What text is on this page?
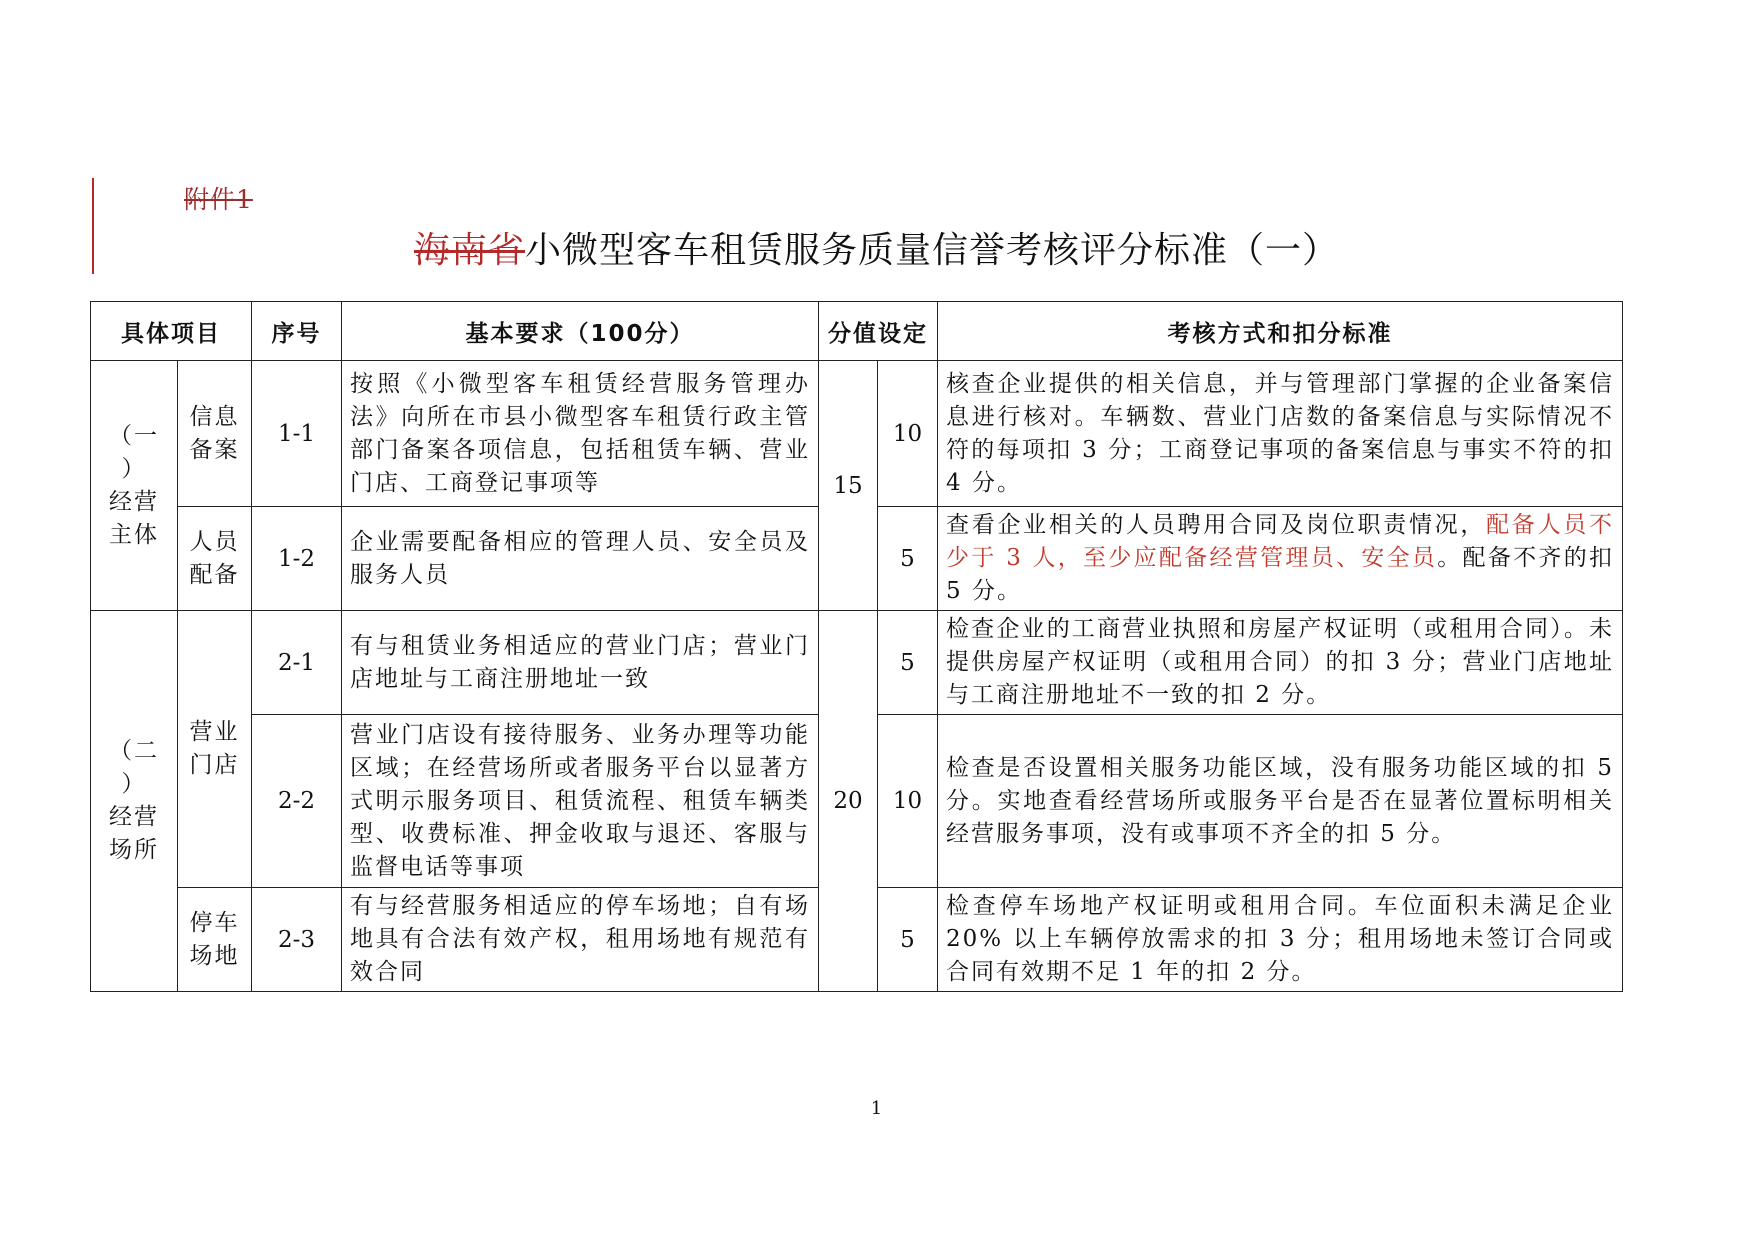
附件1
海南省小微型客车租赁服务质量信誉考核评分标准（一）
具体项目		序号	基本要求（100分）	分值设定		考核方式和扣分标准

（一
）
经营
主体	信息备案	1-1	按照《小微型客车租赁经营服务管理办法》向所在市县小微型客车租赁行政主管部门备案各项信息，包括租赁车辆、营业门店、工商登记事项等	15	10	核查企业提供的相关信息，并与管理部门掌握的企业备案信息进行核对。车辆数、营业门店数的备案信息与实际情况不符的每项扣 3 分；工商登记事项的备案信息与事实不符的扣 4 分。
	人员配备	1-2	企业需要配备相应的管理人员、安全员及服务人员		5	查看企业相关的人员聘用合同及岗位职责情况，配备人员不少于 3 人，至少应配备经营管理员、安全员。配备不齐的扣 5 分。

（二
）
经营
场所	营业门店	2-1	有与租赁业务相适应的营业门店；营业门店地址与工商注册地址一致	20	5	检查企业的工商营业执照和房屋产权证明（或租用合同）。未提供房屋产权证明（或租用合同）的扣 3 分；营业门店地址与工商注册地址不一致的扣 2 分。
		2-2	营业门店设有接待服务、业务办理等功能区域；在经营场所或者服务平台以显著方式明示服务项目、租赁流程、租赁车辆类型、收费标准、押金收取与退还、客服与监督电话等事项		10	检查是否设置相关服务功能区域，没有服务功能区域的扣 5 分。实地查看经营场所或服务平台是否在显著位置标明相关经营服务事项，没有或事项不齐全的扣 5 分。
	停车场地	2-3	有与经营服务相适应的停车场地；自有场地具有合法有效产权，租用场地有规范有效合同		5	检查停车场地产权证明或租用合同。车位面积未满足企业 20% 以上车辆停放需求的扣 3 分；租用场地未签订合同或合同有效期不足 1 年的扣 2 分。
1
